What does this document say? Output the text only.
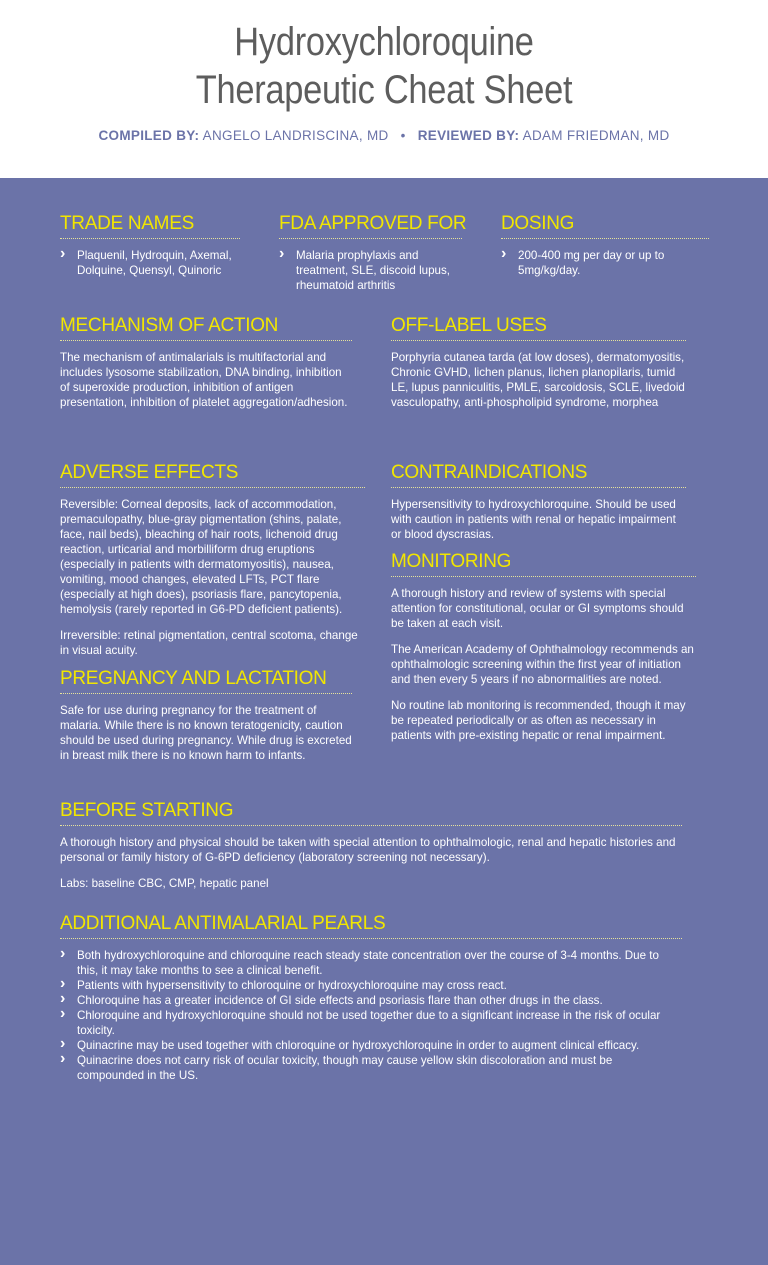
Hydroxychloroquine
Therapeutic Cheat Sheet
COMPILED BY: ANGELO LANDRISCINA, MD • REVIEWED BY: ADAM FRIEDMAN, MD
TRADE NAMES
› Plaquenil, Hydroquin, Axemal, Dolquine, Quensyl, Quinoric
FDA APPROVED FOR
› Malaria prophylaxis and treatment, SLE, discoid lupus, rheumatoid arthritis
DOSING
› 200-400 mg per day or up to 5mg/kg/day.
MECHANISM OF ACTION
The mechanism of antimalarials is multifactorial and includes lysosome stabilization, DNA binding, inhibition of superoxide production, inhibition of antigen presentation, inhibition of platelet aggregation/adhesion.
OFF-LABEL USES
Porphyria cutanea tarda (at low doses), dermatomyositis, Chronic GVHD, lichen planus, lichen planopilaris, tumid LE, lupus panniculitis, PMLE, sarcoidosis, SCLE, livedoid vasculopathy, anti-phospholipid syndrome, morphea
ADVERSE EFFECTS
Reversible: Corneal deposits, lack of accommodation, premaculopathy, blue-gray pigmentation (shins, palate, face, nail beds), bleaching of hair roots, lichenoid drug reaction, urticarial and morbilliform drug eruptions (especially in patients with dermatomyositis), nausea, vomiting, mood changes, elevated LFTs, PCT flare (especially at high does), psoriasis flare, pancytopenia, hemolysis (rarely reported in G6-PD deficient patients).
Irreversible: retinal pigmentation, central scotoma, change in visual acuity.
CONTRAINDICATIONS
Hypersensitivity to hydroxychloroquine. Should be used with caution in patients with renal or hepatic impairment or blood dyscrasias.
MONITORING
A thorough history and review of systems with special attention for constitutional, ocular or GI symptoms should be taken at each visit.
The American Academy of Ophthalmology recommends an ophthalmologic screening within the first year of initiation and then every 5 years if no abnormalities are noted.
No routine lab monitoring is recommended, though it may be repeated periodically or as often as necessary in patients with pre-existing hepatic or renal impairment.
PREGNANCY AND LACTATION
Safe for use during pregnancy for the treatment of malaria. While there is no known teratogenicity, caution should be used during pregnancy. While drug is excreted in breast milk there is no known harm to infants.
BEFORE STARTING
A thorough history and physical should be taken with special attention to ophthalmologic, renal and hepatic histories and personal or family history of G-6PD deficiency (laboratory screening not necessary).
Labs: baseline CBC, CMP, hepatic panel
ADDITIONAL ANTIMALARIAL PEARLS
› Both hydroxychloroquine and chloroquine reach steady state concentration over the course of 3-4 months. Due to this, it may take months to see a clinical benefit.
› Patients with hypersensitivity to chloroquine or hydroxychloroquine may cross react.
› Chloroquine has a greater incidence of GI side effects and psoriasis flare than other drugs in the class.
› Chloroquine and hydroxychloroquine should not be used together due to a significant increase in the risk of ocular toxicity.
› Quinacrine may be used together with chloroquine or hydroxychloroquine in order to augment clinical efficacy.
› Quinacrine does not carry risk of ocular toxicity, though may cause yellow skin discoloration and must be compounded in the US.
